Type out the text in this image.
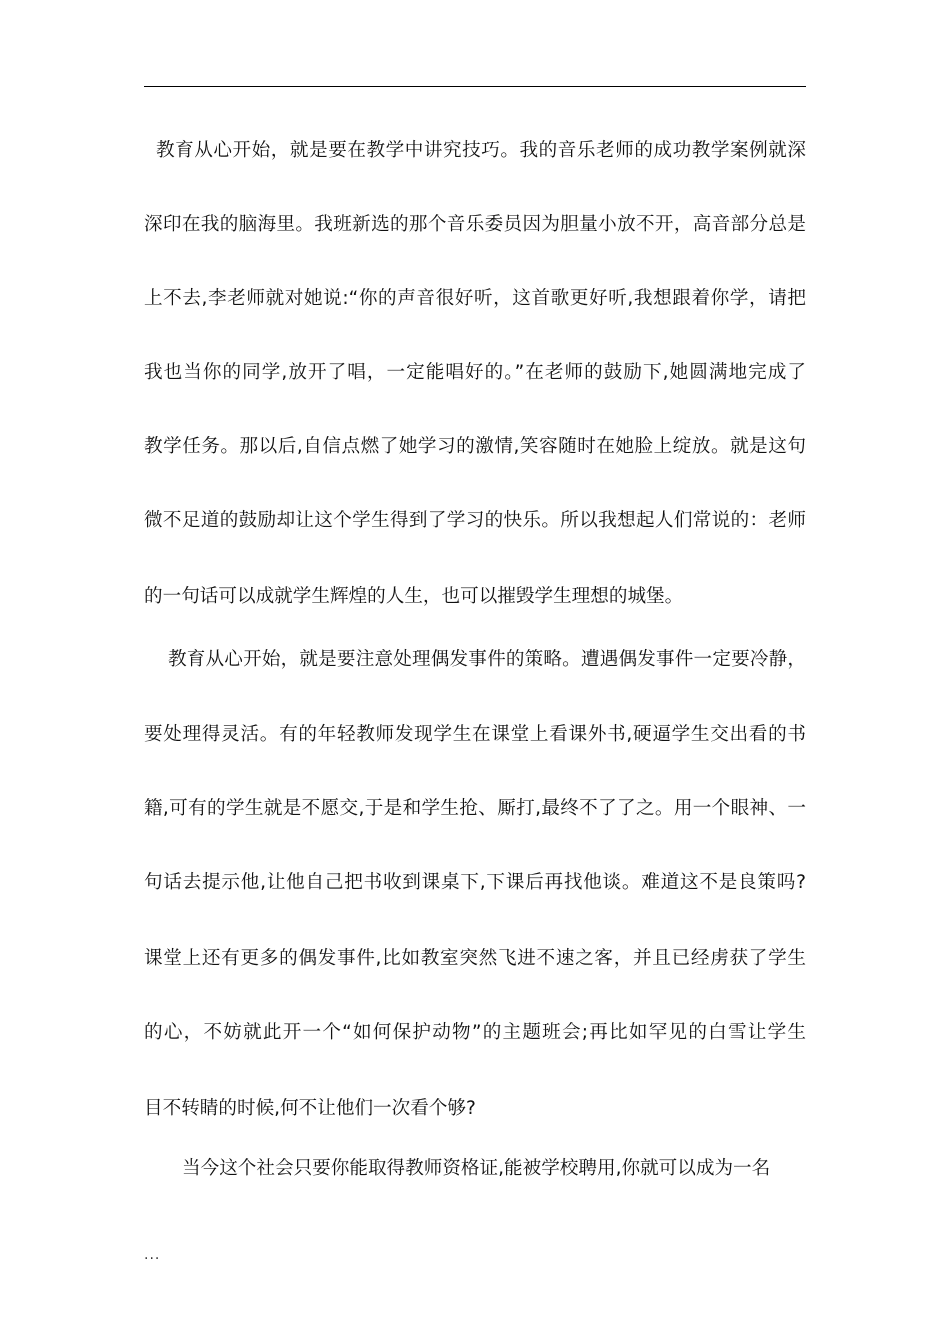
教育从心开始，就是要在教学中讲究技巧。我的音乐老师的成功教学案例就深
深印在我的脑海里。我班新选的那个音乐委员因为胆量小放不开，高音部分总是
上不去,李老师就对她说:“你的声音很好听，这首歌更好听,我想跟着你学，请把
我也当你的同学,放开了唱，一定能唱好的。”在老师的鼓励下,她圆满地完成了
教学任务。那以后,自信点燃了她学习的激情,笑容随时在她脸上绽放。就是这句
微不足道的鼓励却让这个学生得到了学习的快乐。所以我想起人们常说的：老师
的一句话可以成就学生辉煌的人生，也可以摧毁学生理想的城堡。
教育从心开始，就是要注意处理偶发事件的策略。遭遇偶发事件一定要冷静，
要处理得灵活。有的年轻教师发现学生在课堂上看课外书,硬逼学生交出看的书
籍,可有的学生就是不愿交,于是和学生抢、厮打,最终不了了之。用一个眼神、一
句话去提示他,让他自己把书收到课桌下,下课后再找他谈。难道这不是良策吗?
课堂上还有更多的偶发事件,比如教室突然飞进不速之客，并且已经虏获了学生
的心，不妨就此开一个“如何保护动物”的主题班会;再比如罕见的白雪让学生
目不转睛的时候,何不让他们一次看个够?
当今这个社会只要你能取得教师资格证,能被学校聘用,你就可以成为一名
...
